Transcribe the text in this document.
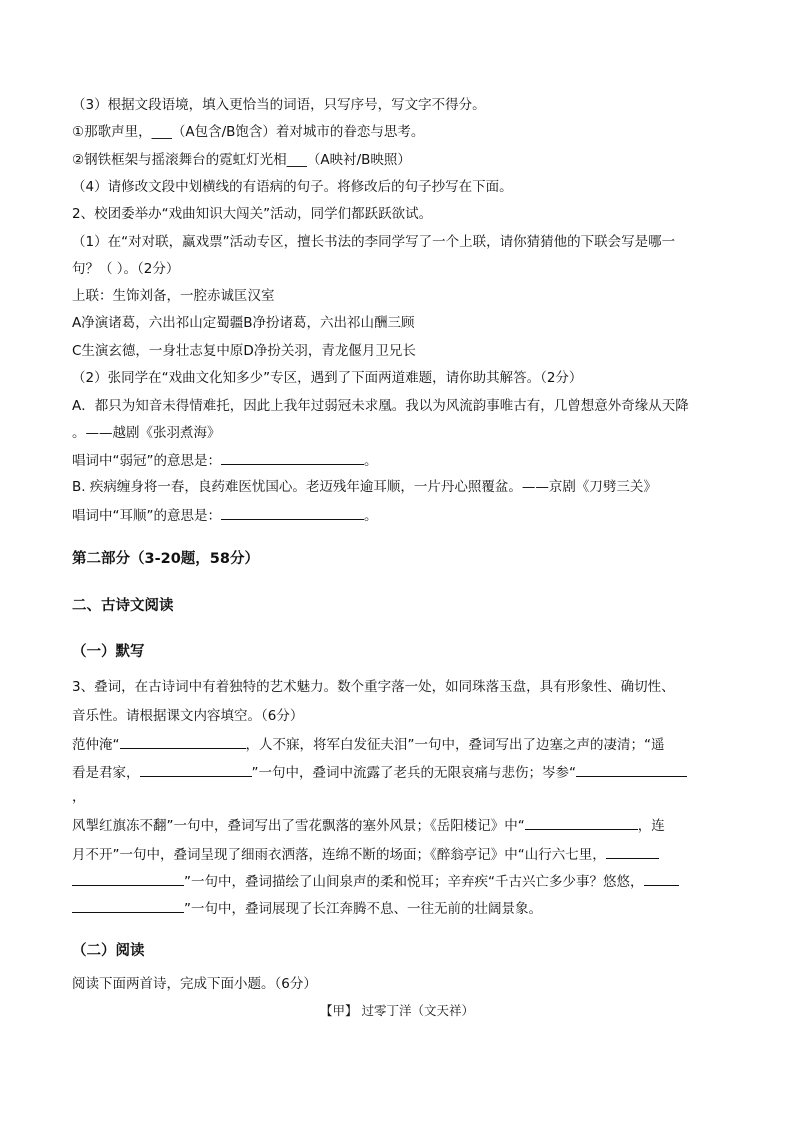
（3）根据文段语境，填入更恰当的词语，只写序号，写文字不得分。
①那歌声里，___（A包含/B饱含）着对城市的眷恋与思考。
②钢铁框架与摇滚舞台的霓虹灯光相___（A映衬/B映照）
（4）请修改文段中划横线的有语病的句子。将修改后的句子抄写在下面。
2、校团委举办“戏曲知识大闯关”活动，同学们都跃跃欲试。
（1）在“对对联，赢戏票”活动专区，擅长书法的李同学写了一个上联，请你猜猜他的下联会写是哪一
句？（ ）。（2分）
上联：生饰刘备，一腔赤诚匡汉室
A净演诸葛，六出祁山定蜀疆B净扮诸葛，六出祁山酬三顾
C生演玄德，一身壮志复中原D净扮关羽，青龙偃月卫兄长
（2）张同学在“戏曲文化知多少”专区，遇到了下面两道难题，请你助其解答。（2分）
A．都只为知音未得情难托，因此上我年过弱冠未求凰。我以为风流韵事唯古有，几曾想意外奇缘从天降
。——越剧《张羽煮海》
唱词中“弱冠”的意思是：	。
B. 疾病缠身将一春，良药难医忧国心。老迈残年逾耳顺，一片丹心照覆盆。——京剧《刀劈三关》
唱词中“耳顺”的意思是：	。
第二部分（3-20题，58分）
二、古诗文阅读
（一）默写
3、叠词，在古诗词中有着独特的艺术魅力。数个重字落一处，如同珠落玉盘，具有形象性、确切性、
音乐性。请根据课文内容填空。（6分）
范仲淹“	，人不寐，将军白发征夫泪”一句中，叠词写出了边塞之声的凄清；“遥
看是君家，	”一句中，叠词中流露了老兵的无限哀痛与悲伤；岑参“
，
风掣红旗冻不翻”一句中，叠词写出了雪花飘落的塞外风景；《岳阳楼记》中“	，连
月不开”一句中，叠词呈现了细雨衣洒落，连绵不断的场面；《醉翁亭记》中“山行六七里，
”一句中，叠词描绘了山间泉声的柔和悦耳；辛弃疾“千古兴亡多少事？悠悠，
”一句中，叠词展现了长江奔腾不息、一往无前的壮阔景象。
（二）阅读
阅读下面两首诗，完成下面小题。（6分）
【甲】 过零丁洋（文天祥）
